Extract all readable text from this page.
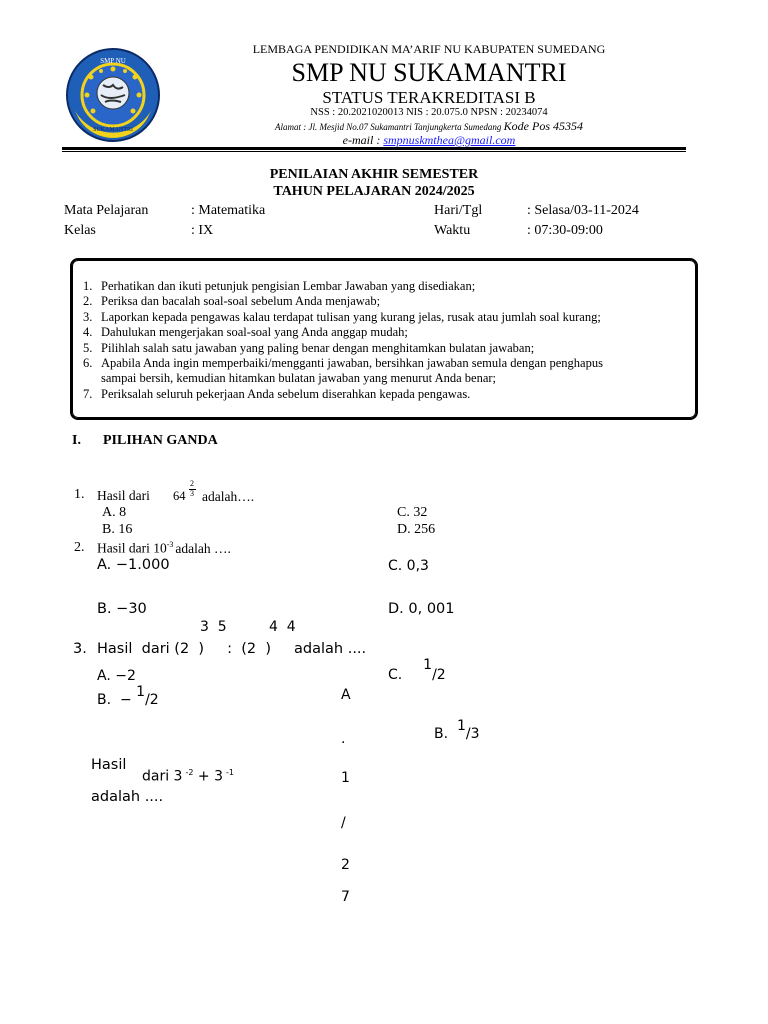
SMP NU
SUKAMANTRI
LEMBAGA PENDIDIKAN MA’ARIF NU KABUPATEN SUMEDANG
SMP NU SUKAMANTRI
STATUS TERAKREDITASI B
NSS : 20.2021020013 NIS : 20.075.0 NPSN : 20234074
Alamat : Jl. Mesjid No.07 Sukamantri Tanjungkerta Sumedang Kode Pos 45354
e-mail : smpnuskmthea@gmail.com
PENILAIAN AKHIR SEMESTER
TAHUN PELAJARAN 2024/2025
Mata Pelajaran	: Matematika	Hari/Tgl	: Selasa/03-11-2024
Kelas	: IX	Waktu	: 07:30-09:00
1. Perhatikan dan ikuti petunjuk pengisian Lembar Jawaban yang disediakan;
2. Periksa dan bacalah soal-soal sebelum Anda menjawab;
3. Laporkan kepada pengawas kalau terdapat tulisan yang kurang jelas, rusak atau jumlah soal kurang;
4. Dahulukan mengerjakan soal-soal yang Anda anggap mudah;
5. Pilihlah salah satu jawaban yang paling benar dengan menghitamkan bulatan jawaban;
6. Apabila Anda ingin memperbaiki/mengganti jawaban, bersihkan jawaban semula dengan penghapus
sampai bersih, kemudian hitamkan bulatan jawaban yang menurut Anda benar;
7. Periksalah seluruh pekerjaan Anda sebelum diserahkan kepada pengawas.
I. PILIHAN GANDA
1. Hasil dari 64
2
3 adalah….
A. 8
B. 16
C. 32
D. 256
2. Hasil dari $10^{-3}$ adalah ….
A. −1.000	C. 0,3
B. −30	D. 0, 001
3  5	4  4
3. Hasil  dari (2  )     :  (2  )     adalah ....
A. −2	C.  1/2
B.  − 1/2	A
.
1
/
2
7
B.  1/3
Hasil
dari 3 $^{-2}$ + 3 $^{-1}$
adalah ....
